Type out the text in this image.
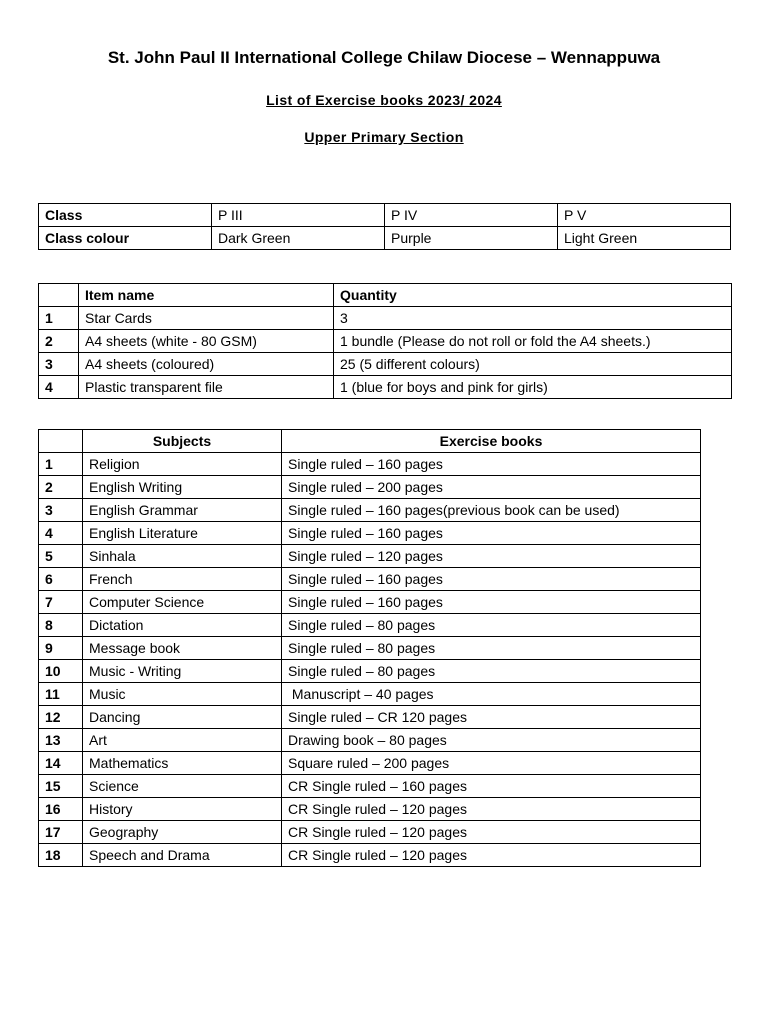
St. John Paul II International College Chilaw Diocese – Wennappuwa
List of Exercise books 2023/ 2024
Upper Primary Section
Class	P III	P IV	P V
Class colour	Dark Green	Purple	Light Green
	Item name	Quantity
1	Star Cards	3
2	A4 sheets (white - 80 GSM)	1 bundle (Please do not roll or fold the A4 sheets.)
3	A4 sheets (coloured)	25 (5 different colours)
4	Plastic transparent file	1 (blue for boys and pink for girls)
	Subjects	Exercise books
1	Religion	Single ruled – 160 pages
2	English Writing	Single ruled – 200 pages
3	English Grammar	Single ruled – 160 pages(previous book can be used)
4	English Literature	Single ruled – 160 pages
5	Sinhala	Single ruled – 120 pages
6	French	Single ruled – 160 pages
7	Computer Science	Single ruled – 160 pages
8	Dictation	Single ruled – 80 pages
9	Message book	Single ruled – 80 pages
10	Music - Writing	Single ruled – 80 pages
11	Music	Manuscript – 40 pages
12	Dancing	Single ruled – CR 120 pages
13	Art	Drawing book – 80 pages
14	Mathematics	Square ruled – 200 pages
15	Science	CR Single ruled – 160 pages
16	History	CR Single ruled – 120 pages
17	Geography	CR Single ruled – 120 pages
18	Speech and Drama	CR Single ruled – 120 pages
